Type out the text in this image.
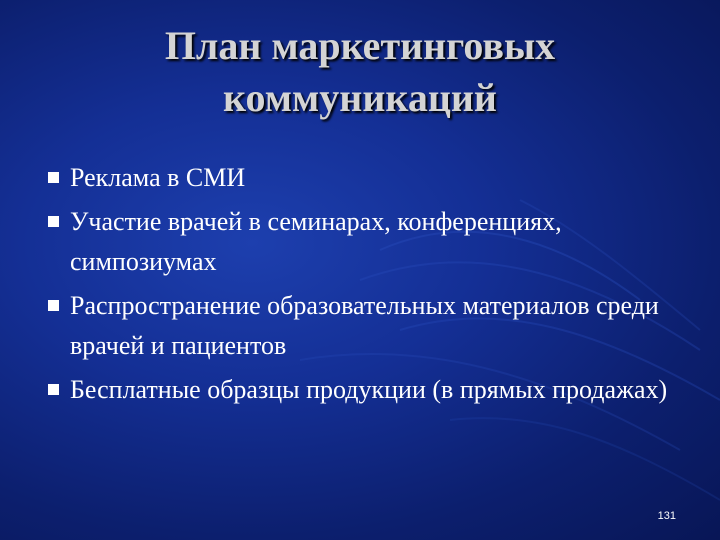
План маркетинговых
коммуникаций
Реклама в СМИ
Участие врачей в семинарах, конференциях, симпозиумах
Распространение образовательных материалов среди врачей и пациентов
Бесплатные образцы продукции (в прямых продажах)
131
